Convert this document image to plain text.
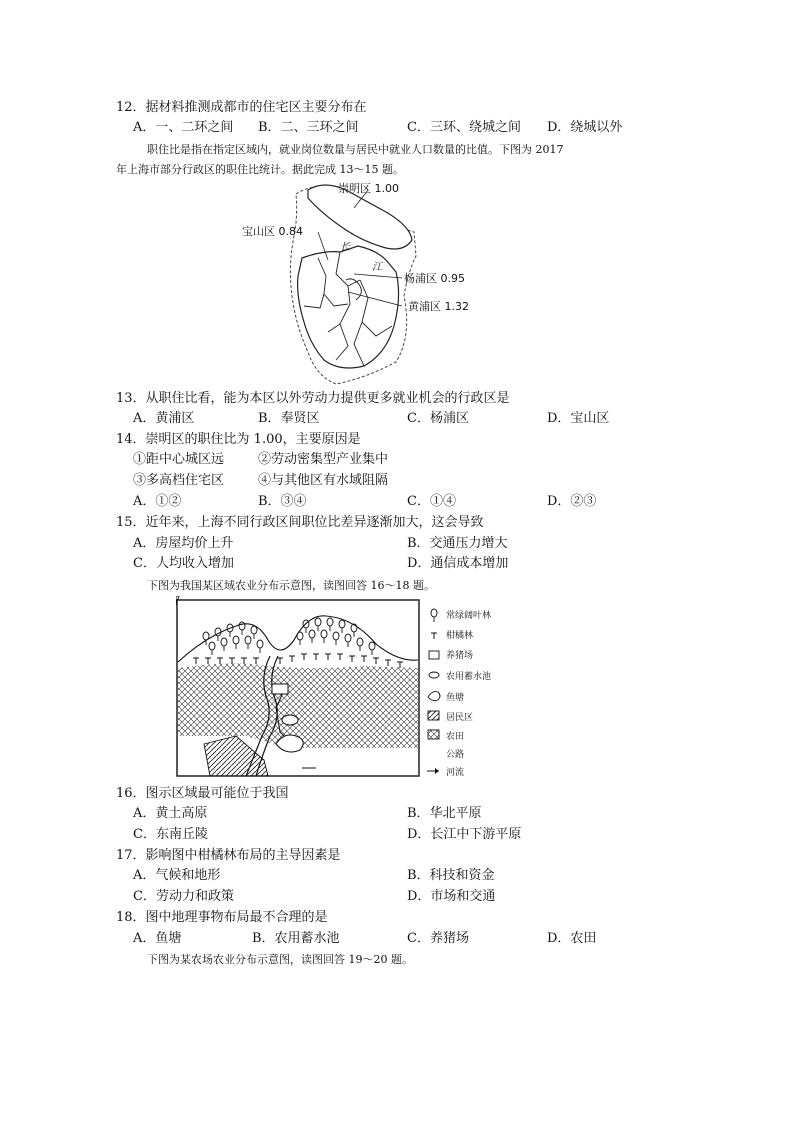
12．据材料推测成都市的住宅区主要分布在
A．一、二环之间 B．二、三环之间	C．三环、绕城之间 D．绕城以外
职住比是指在指定区域内，就业岗位数量与居民中就业人口数量的比值。下图为 2017
年上海市部分行政区的职住比统计。据此完成 13～15 题。
崇明区 1.00
宝山区 0.84
杨浦区 0.95
黄浦区 1.32
长
江
13．从职住比看，能为本区以外劳动力提供更多就业机会的行政区是
A．黄浦区	B．奉贤区	C．杨浦区	D．宝山区
14．崇明区的职住比为 1.00，主要原因是
①距中心城区远	②劳动密集型产业集中
③多高档住宅区	④与其他区有水域阻隔
A．①②	B．③④	C．①④	D．②③
15．近年来，上海不同行政区间职位比差异逐渐加大，这会导致
A．房屋均价上升	B．交通压力增大
C．人均收入增加	D．通信成本增加
下图为我国某区域农业分布示意图，读图回答 16～18 题。
常绿阔叶林
柑橘林
养猪场
农用蓄水池
鱼塘
居民区
农田
公路
河流
16．图示区域最可能位于我国
A．黄土高原	B．华北平原
C．东南丘陵	D．长江中下游平原
17．影响图中柑橘林布局的主导因素是
A．气候和地形	B．科技和资金
C．劳动力和政策	D．市场和交通
18．图中地理事物布局最不合理的是
A．鱼塘	B．农用蓄水池	C．养猪场	D．农田
下图为某农场农业分布示意图，读图回答 19～20 题。
